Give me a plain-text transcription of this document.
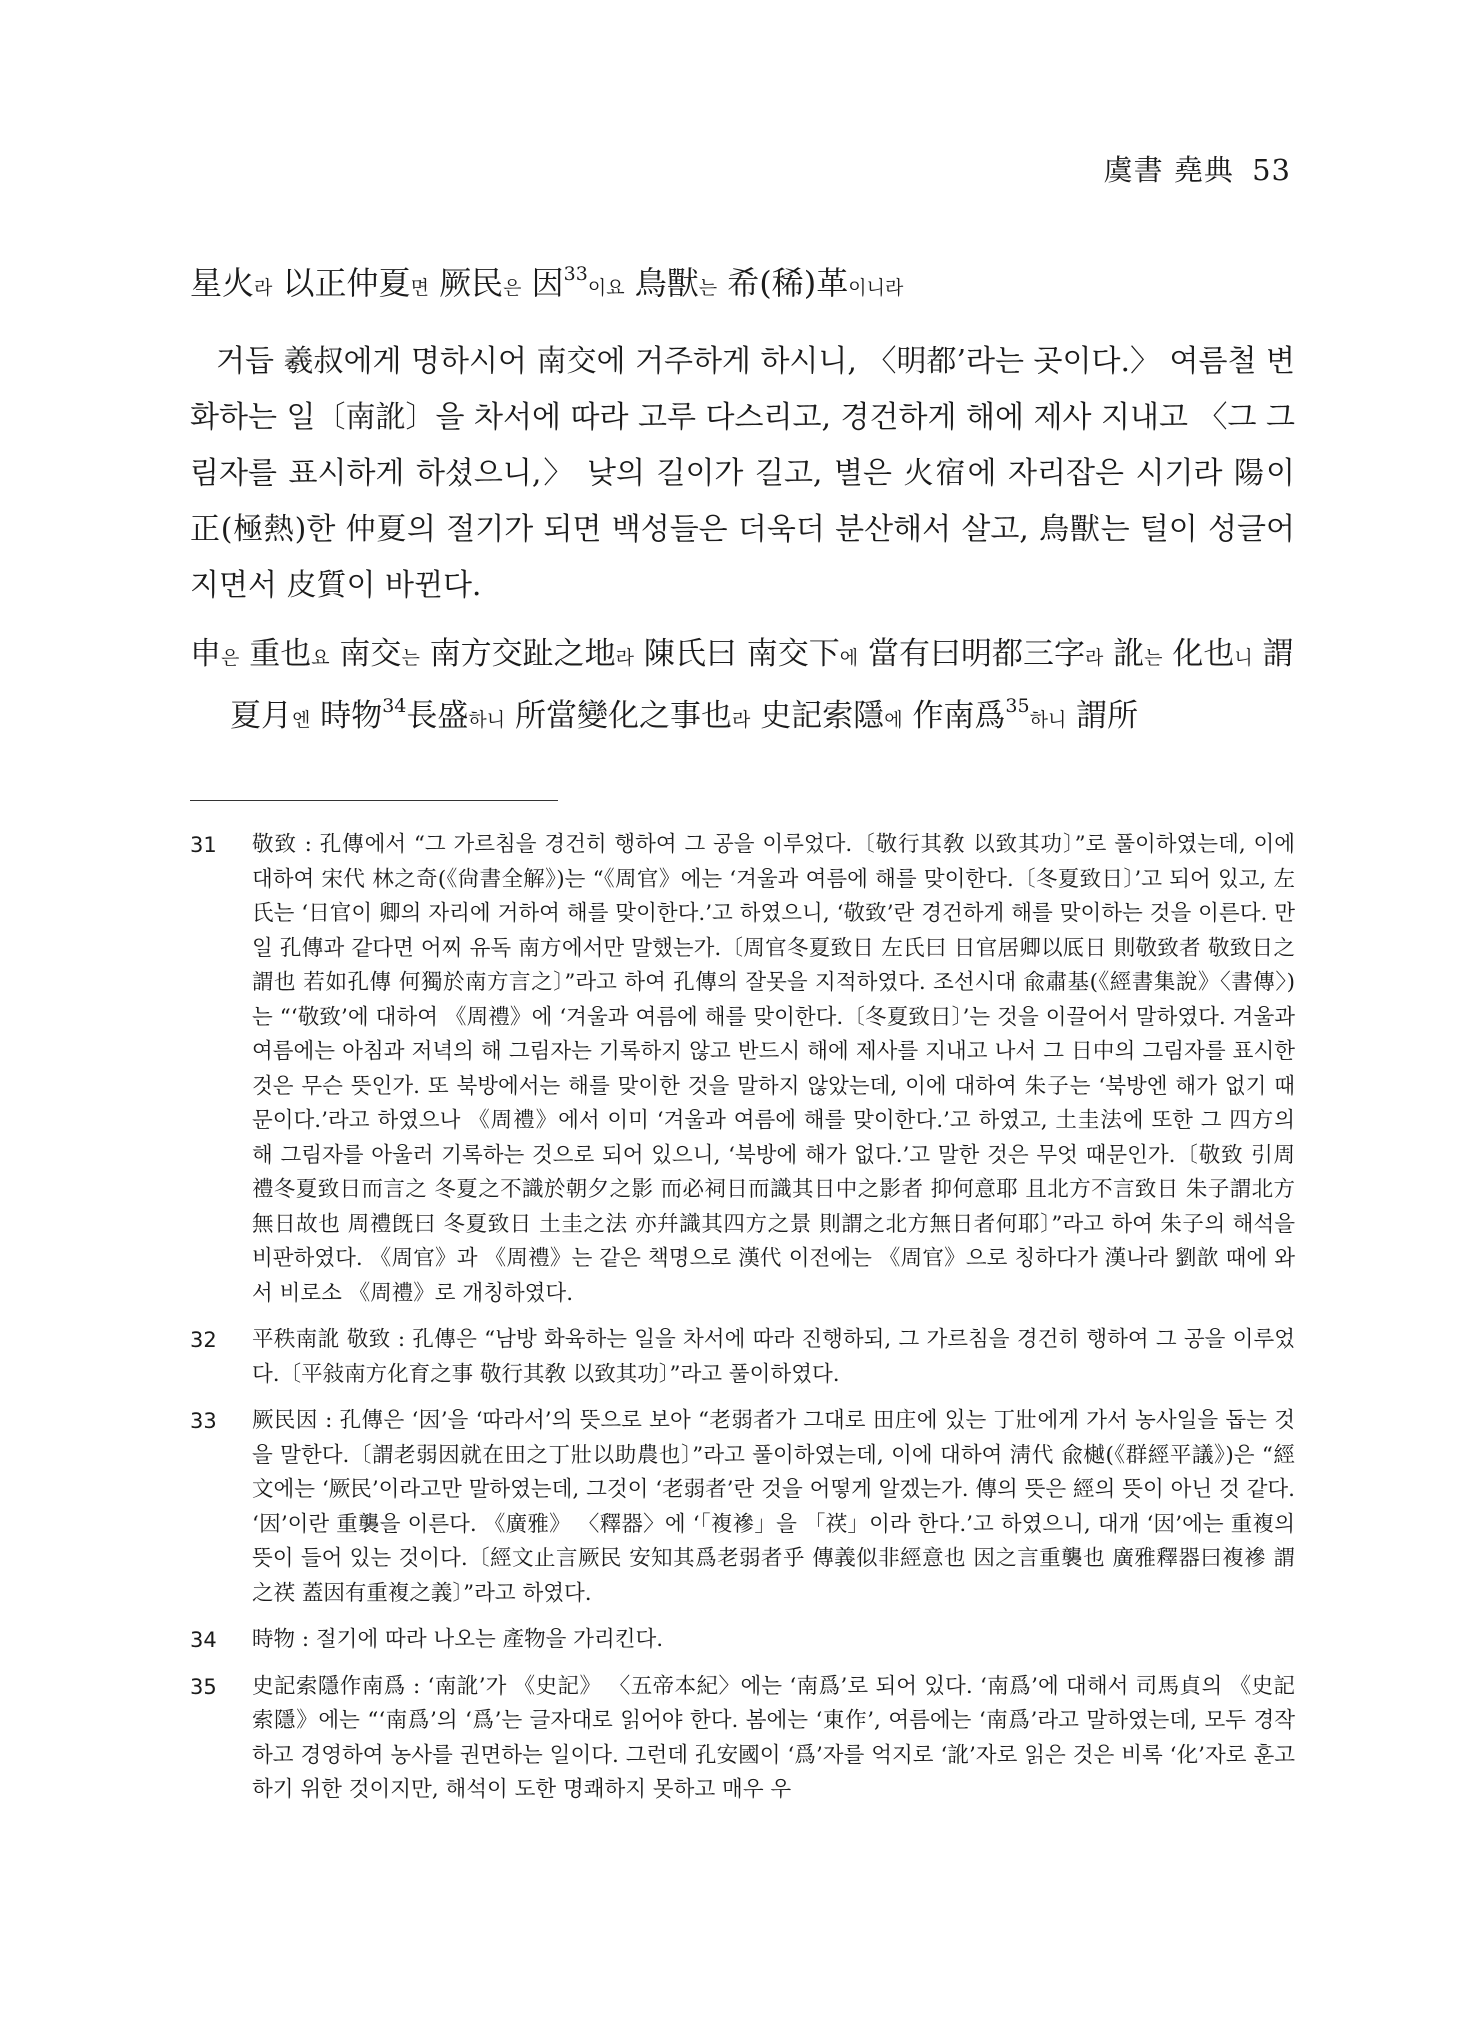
虞書 堯典 53
星火라 以正仲夏면 厥民은 因$^{33}$이요 鳥獸는 希(稀)革이니라

거듭 羲叔에게 명하시어 南交에 거주하게 하시니, 〈明都’라는 곳이다.〉 여름철 변화하는 일〔南訛〕을 차서에 따라 고루 다스리고, 경건하게 해에 제사 지내고 〈그 그림자를 표시하게 하셨으니,〉 낮의 길이가 길고, 별은 火宿에 자리잡은 시기라 陽이 正(極熱)한 仲夏의 절기가 되면 백성들은 더욱더 분산해서 살고, 鳥獸는 털이 성글어지면서 皮質이 바뀐다.

申은 重也요 南交는 南方交趾之地라 陳氏曰 南交下에 當有曰明都三字라 訛는 化也니 謂夏月엔 時物$^{34}$長盛하니 所當變化之事也라 史記索隱에 作南爲$^{35}$하니 謂所

31 敬致 : 孔傳에서 “그 가르침을 경건히 행하여 그 공을 이루었다.〔敬行其敎 以致其功〕”로 풀이하였는데, 이에 대하여 宋代 林之奇(《尙書全解》)는 “《周官》에는 ‘겨울과 여름에 해를 맞이한다.〔冬夏致日〕’고 되어 있고, 左氏는 ‘日官이 卿의 자리에 거하여 해를 맞이한다.’고 하였으니, ‘敬致’란 경건하게 해를 맞이하는 것을 이른다. 만일 孔傳과 같다면 어찌 유독 南方에서만 말했는가.〔周官冬夏致日 左氏曰 日官居卿以厎日 則敬致者 敬致日之謂也 若如孔傳 何獨於南方言之〕”라고 하여 孔傳의 잘못을 지적하였다. 조선시대 兪肅基(《經書集說》〈書傳〉)는 “‘敬致’에 대하여 《周禮》에 ‘겨울과 여름에 해를 맞이한다.〔冬夏致日〕’는 것을 이끌어서 말하였다. 겨울과 여름에는 아침과 저녁의 해 그림자는 기록하지 않고 반드시 해에 제사를 지내고 나서 그 日中의 그림자를 표시한 것은 무슨 뜻인가. 또 북방에서는 해를 맞이한 것을 말하지 않았는데, 이에 대하여 朱子는 ‘북방엔 해가 없기 때문이다.’라고 하였으나 《周禮》에서 이미 ‘겨울과 여름에 해를 맞이한다.’고 하였고, 土圭法에 또한 그 四方의 해 그림자를 아울러 기록하는 것으로 되어 있으니, ‘북방에 해가 없다.’고 말한 것은 무엇 때문인가.〔敬致 引周禮冬夏致日而言之 冬夏之不識於朝夕之影 而必祠日而識其日中之影者 抑何意耶 且北方不言致日 朱子謂北方無日故也 周禮旣曰 冬夏致日 土圭之法 亦幷識其四方之景 則謂之北方無日者何耶〕”라고 하여 朱子의 해석을 비판하였다. 《周官》과 《周禮》는 같은 책명으로 漢代 이전에는 《周官》으로 칭하다가 漢나라 劉歆 때에 와서 비로소 《周禮》로 개칭하였다.
32 平秩南訛 敬致 : 孔傳은 “남방 화육하는 일을 차서에 따라 진행하되, 그 가르침을 경건히 행하여 그 공을 이루었다.〔平敍南方化育之事 敬行其敎 以致其功〕”라고 풀이하였다.
33 厥民因 : 孔傳은 ‘因’을 ‘따라서’의 뜻으로 보아 “老弱者가 그대로 田庄에 있는 丁壯에게 가서 농사일을 돕는 것을 말한다.〔謂老弱因就在田之丁壯以助農也〕”라고 풀이하였는데, 이에 대하여 淸代 兪樾(《群經平議》)은 “經文에는 ‘厥民’이라고만 말하였는데, 그것이 ‘老弱者’란 것을 어떻게 알겠는가. 傳의 뜻은 經의 뜻이 아닌 것 같다. ‘因’이란 重襲을 이른다. 《廣雅》 〈釋器〉에 ‘「複襂」을 「䄏」이라 한다.’고 하였으니, 대개 ‘因’에는 重複의 뜻이 들어 있는 것이다.〔經文止言厥民 安知其爲老弱者乎 傳義似非經意也 因之言重襲也 廣雅釋器曰複襂 謂之䄏 蓋因有重複之義〕”라고 하였다.
34 時物 : 절기에 따라 나오는 產物을 가리킨다.
35 史記索隱作南爲 : ‘南訛’가 《史記》 〈五帝本紀〉에는 ‘南爲’로 되어 있다. ‘南爲’에 대해서 司馬貞의 《史記索隱》에는 “‘南爲’의 ‘爲’는 글자대로 읽어야 한다. 봄에는 ‘東作’, 여름에는 ‘南爲’라고 말하였는데, 모두 경작하고 경영하여 농사를 권면하는 일이다. 그런데 孔安國이 ‘爲’자를 억지로 ‘訛’자로 읽은 것은 비록 ‘化’자로 훈고하기 위한 것이지만, 해석이 도한 명쾌하지 못하고 매우 우
